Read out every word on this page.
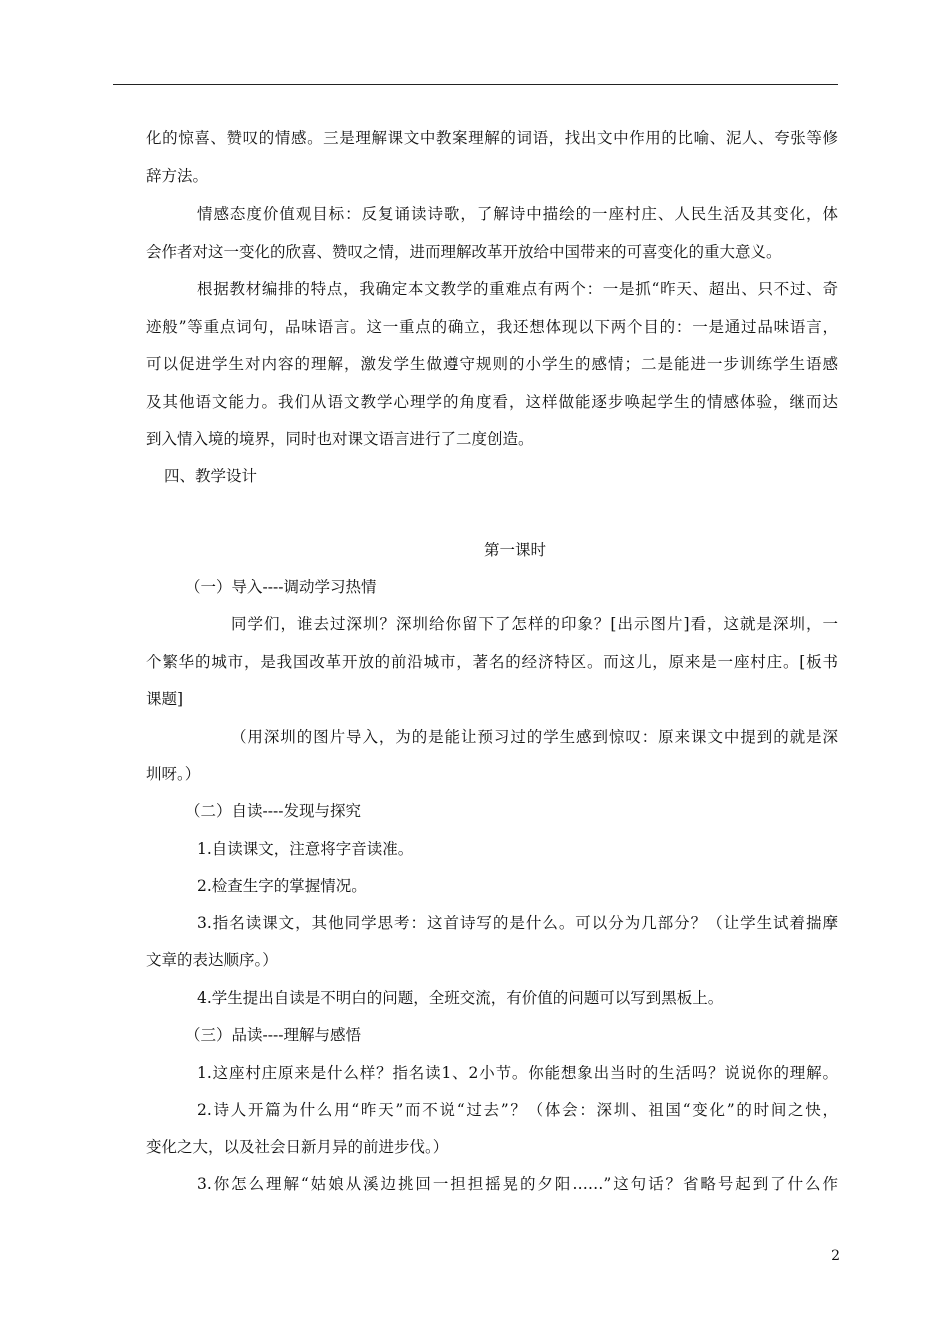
化的惊喜、赞叹的情感。三是理解课文中教案理解的词语，找出文中作用的比喻、泥人、夸张等修
辞方法。
情感态度价值观目标：反复诵读诗歌，了解诗中描绘的一座村庄、人民生活及其变化，体
会作者对这一变化的欣喜、赞叹之情，进而理解改革开放给中国带来的可喜变化的重大意义。
根据教材编排的特点，我确定本文教学的重难点有两个：一是抓“昨天、超出、只不过、奇
迹般”等重点词句，品味语言。这一重点的确立，我还想体现以下两个目的：一是通过品味语言，
可以促进学生对内容的理解，激发学生做遵守规则的小学生的感情；二是能进一步训练学生语感
及其他语文能力。我们从语文教学心理学的角度看，这样做能逐步唤起学生的情感体验，继而达
到入情入境的境界，同时也对课文语言进行了二度创造。
四、教学设计
第一课时
（一）导入----调动学习热情
同学们，谁去过深圳？深圳给你留下了怎样的印象？[出示图片]看，这就是深圳，一
个繁华的城市，是我国改革开放的前沿城市，著名的经济特区。而这儿，原来是一座村庄。[板书
课题]
（用深圳的图片导入，为的是能让预习过的学生感到惊叹：原来课文中提到的就是深
圳呀。）
（二）自读----发现与探究
1.自读课文，注意将字音读准。
2.检查生字的掌握情况。
3.指名读课文，其他同学思考：这首诗写的是什么。可以分为几部分？（让学生试着揣摩
文章的表达顺序。）
4.学生提出自读是不明白的问题，全班交流，有价值的问题可以写到黑板上。
（三）品读----理解与感悟
1.这座村庄原来是什么样？指名读1、2小节。你能想象出当时的生活吗？说说你的理解。
2.诗人开篇为什么用“昨天”而不说“过去”？（体会：深圳、祖国“变化”的时间之快，
变化之大，以及社会日新月异的前进步伐。）
3.你怎么理解“姑娘从溪边挑回一担担摇晃的夕阳……”这句话？省略号起到了什么作
2
